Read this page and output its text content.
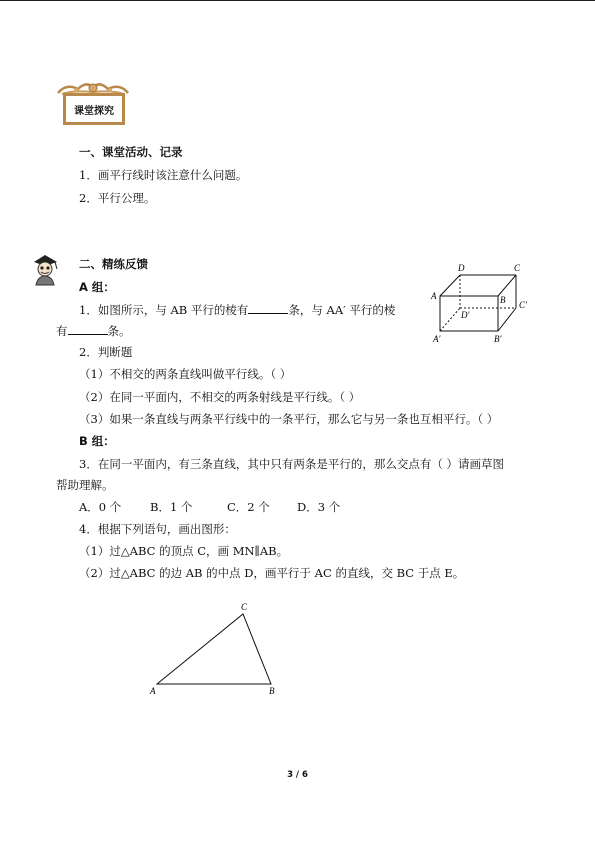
课堂探究
一、课堂活动、记录
1．画平行线时该注意什么问题。
2．平行公理。
二、精练反馈
A 组：
1．如图所示，与 AB 平行的棱有	条，与 AA′ 平行的棱
有	条。
2．判断题
（1）不相交的两条直线叫做平行线。（ ）
（2）在同一平面内，不相交的两条射线是平行线。（ ）
（3）如果一条直线与两条平行线中的一条平行，那么它与另一条也互相平行。（ ）
B 组：
3．在同一平面内，有三条直线，其中只有两条是平行的，那么交点有（ ）请画草图
帮助理解。
A．0 个 B．1 个	C．2 个 D．3 个
4．根据下列语句，画出图形：
（1）过△ABC 的顶点 C，画 MN∥AB。
（2）过△ABC 的边 AB 的中点 D，画平行于 AC 的直线，交 BC 于点 E。
D	C
A	B C′
D′
A′	B′
A	B
C
3 / 6
